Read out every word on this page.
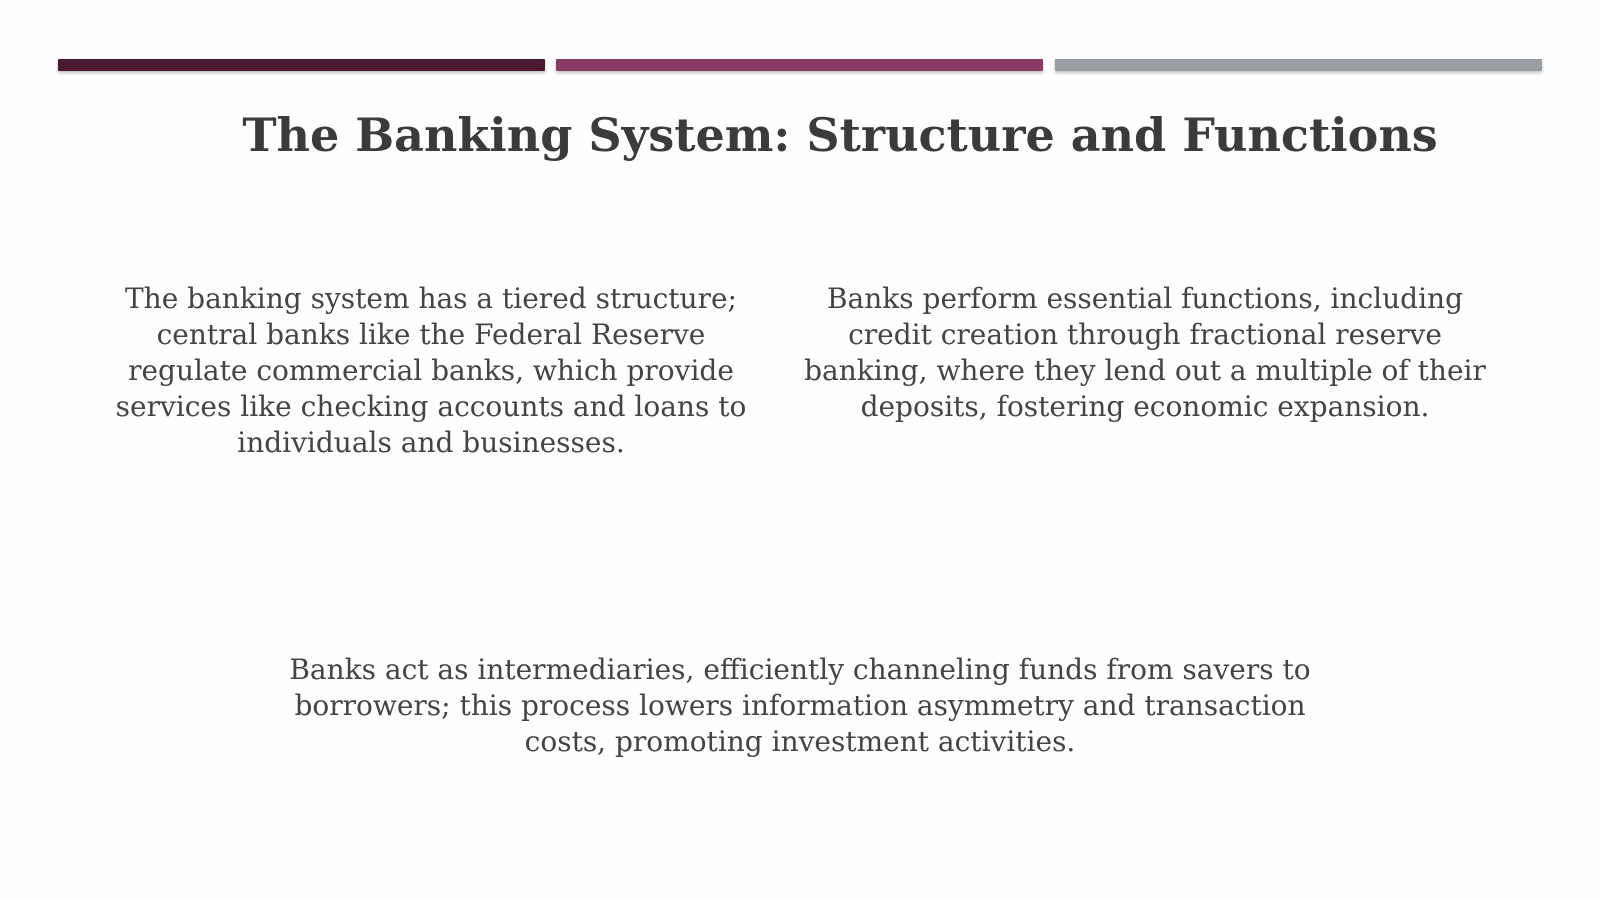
The Banking System: Structure and Functions
The banking system has a tiered structure; central banks like the Federal Reserve regulate commercial banks, which provide services like checking accounts and loans to individuals and businesses.
Banks perform essential functions, including credit creation through fractional reserve banking, where they lend out a multiple of their deposits, fostering economic expansion.
Banks act as intermediaries, efficiently channeling funds from savers to borrowers; this process lowers information asymmetry and transaction costs, promoting investment activities.
